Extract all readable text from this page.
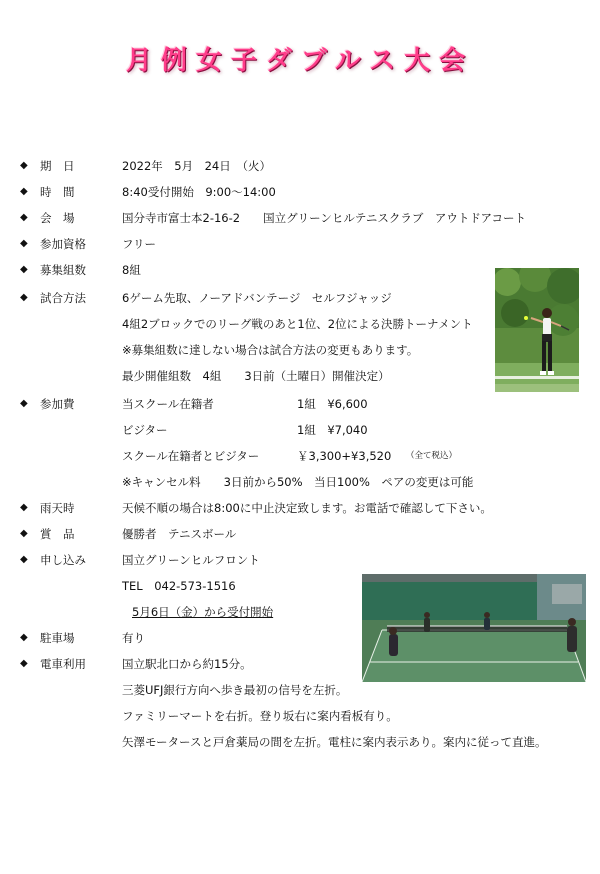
月例女子ダブルス大会
◆ 期　日	2022年　5月　24日　（火）
◆ 時　間	8:40受付開始　9:00～14:00
◆ 会　場	国分寺市富士本2-16-2　　国立グリーンヒルテニスクラブ　アウトドアコート
◆ 参加資格	フリー
◆ 募集組数	8組
◆ 試合方法	6ゲーム先取、ノーアドバンテージ　セルフジャッジ
4組2ブロックでのリーグ戦のあと1位、2位による決勝トーナメント
※募集組数に達しない場合は試合方法の変更もあります。
最少開催組数　4組　　3日前（土曜日）開催決定）
◆ 参加費	当スクール在籍者	1組　¥6,600
ビジター	1組　¥7,040
スクール在籍者とビジター	￥3,300+¥3,520 （全て税込）
※キャンセル料　　3日前から50%　当日100%　ペアの変更は可能
◆ 雨天時	天候不順の場合は8:00に中止決定致します。お電話で確認して下さい。
◆ 賞　品	優勝者　テニスボール
◆ 申し込み	国立グリーンヒルフロント
TEL　042-573-1516
5月6日（金）から受付開始
◆ 駐車場	有り
◆ 電車利用	国立駅北口から約15分。
三菱UFJ銀行方向へ歩き最初の信号を左折。
ファミリーマートを右折。登り坂右に案内看板有り。
矢澤モータースと戸倉薬局の間を左折。電柱に案内表示あり。案内に従って直進。
